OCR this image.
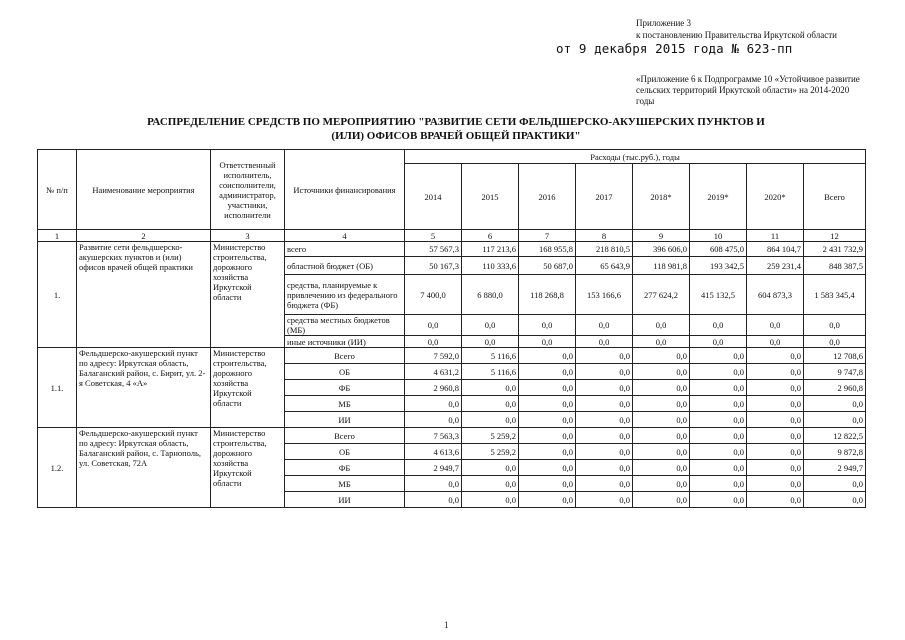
Приложение 3
к постановлению Правительства Иркутской области
от 9 декабря 2015 года № 623-пп
«Приложение 6 к Подпрограмме 10 «Устойчивое развитие сельских территорий Иркутской области» на 2014-2020 годы
РАСПРЕДЕЛЕНИЕ СРЕДСТВ ПО МЕРОПРИЯТИЮ "РАЗВИТИЕ СЕТИ ФЕЛЬДШЕРСКО-АКУШЕРСКИХ ПУНКТОВ И (ИЛИ) ОФИСОВ ВРАЧЕЙ ОБЩЕЙ ПРАКТИКИ"
№ п/п	Наименование мероприятия	Ответственный исполнитель, соисполнители, администратор, участники, исполнители	Источники финансирования	Расходы (тыс.руб.), годы							
				2014	2015	2016	2017	2018*	2019*	2020*	Всего
1	2	3	4	5	6	7	8	9	10	11	12
1.	Развитие сети фельдшерско-акушерских пунктов и (или) офисов врачей общей практики	Министерство строительства, дорожного хозяйства Иркутской области	всего	57 567,3	117 213,6	168 955,8	218 810,5	396 606,0	608 475,0	864 104,7	2 431 732,9
			областной бюджет (ОБ)	50 167,3	110 333,6	50 687,0	65 643,9	118 981,8	193 342,5	259 231,4	848 387,5
			средства, планируемые к привлечению из федерального бюджета (ФБ)	7 400,0	6 880,0	118 268,8	153 166,6	277 624,2	415 132,5	604 873,3	1 583 345,4
			средства местных бюджетов (МБ)	0,0	0,0	0,0	0,0	0,0	0,0	0,0	0,0
			иные источники (ИИ)	0,0	0,0	0,0	0,0	0,0	0,0	0,0	0,0
1.1.	Фельдшерско-акушерский пункт по адресу: Иркутская область, Балаганский район, с. Бирит, ул. 2-я Советская, 4 «А»	Министерство строительства, дорожного хозяйства Иркутской области	Всего	7 592,0	5 116,6	0,0	0,0	0,0	0,0	0,0	12 708,6
			ОБ	4 631,2	5 116,6	0,0	0,0	0,0	0,0	0,0	9 747,8
			ФБ	2 960,8	0,0	0,0	0,0	0,0	0,0	0,0	2 960,8
			МБ	0,0	0,0	0,0	0,0	0,0	0,0	0,0	0,0
			ИИ	0,0	0,0	0,0	0,0	0,0	0,0	0,0	0,0
1.2.	Фельдшерско-акушерский пункт по адресу: Иркутская область, Балаганский район, с. Тарнополь, ул. Советская, 72А	Министерство строительства, дорожного хозяйства Иркутской области	Всего	7 563,3	5 259,2	0,0	0,0	0,0	0,0	0,0	12 822,5
			ОБ	4 613,6	5 259,2	0,0	0,0	0,0	0,0	0,0	9 872,8
			ФБ	2 949,7	0,0	0,0	0,0	0,0	0,0	0,0	2 949,7
			МБ	0,0	0,0	0,0	0,0	0,0	0,0	0,0	0,0
			ИИ	0,0	0,0	0,0	0,0	0,0	0,0	0,0	0,0
1
